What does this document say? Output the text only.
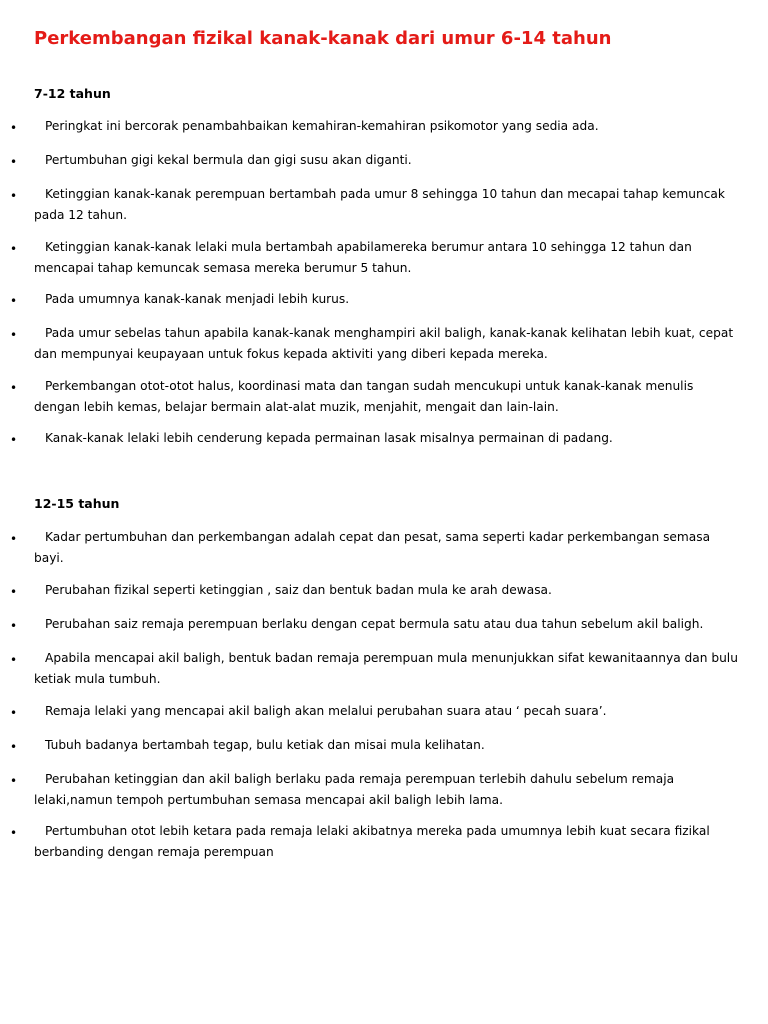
Perkembangan fizikal kanak-kanak dari umur 6-14 tahun
7-12 tahun
•	Peringkat ini bercorak penambahbaikan kemahiran-kemahiran psikomotor yang sedia ada.

•	Pertumbuhan gigi kekal bermula dan gigi susu akan diganti.

•	Ketinggian kanak-kanak perempuan bertambah pada umur 8 sehingga 10 tahun dan mecapai tahap kemuncak pada 12 tahun.

•	Ketinggian kanak-kanak lelaki mula bertambah apabilamereka berumur antara 10 sehingga 12 tahun dan mencapai tahap kemuncak semasa mereka berumur 5 tahun.

•	Pada umumnya kanak-kanak menjadi lebih kurus.

•	Pada umur sebelas tahun apabila kanak-kanak menghampiri akil baligh, kanak-kanak kelihatan lebih kuat, cepat dan mempunyai keupayaan untuk fokus kepada aktiviti yang diberi kepada mereka.

•	Perkembangan otot-otot halus, koordinasi mata dan tangan sudah mencukupi untuk kanak-kanak menulis dengan lebih kemas, belajar bermain alat-alat muzik, menjahit, mengait dan lain-lain.

•	Kanak-kanak lelaki lebih cenderung kepada permainan lasak misalnya permainan di padang.

12-15 tahun
•	Kadar pertumbuhan dan perkembangan adalah cepat dan pesat, sama seperti kadar perkembangan semasa bayi.

•	Perubahan fizikal seperti ketinggian , saiz dan bentuk badan mula ke arah dewasa.

•	Perubahan saiz remaja perempuan berlaku dengan cepat bermula satu atau dua tahun sebelum akil baligh.

•	Apabila mencapai akil baligh, bentuk badan remaja perempuan mula menunjukkan sifat kewanitaannya dan bulu ketiak mula tumbuh.

•	Remaja lelaki yang mencapai akil baligh akan melalui perubahan suara atau ‘ pecah suara’.

•	Tubuh badanya bertambah tegap, bulu ketiak dan misai mula kelihatan.

•	Perubahan ketinggian dan akil baligh berlaku pada remaja perempuan terlebih dahulu sebelum remaja lelaki,namun tempoh pertumbuhan semasa mencapai akil baligh lebih lama.

•	Pertumbuhan otot lebih ketara pada remaja lelaki akibatnya mereka pada umumnya lebih kuat secara fizikal berbanding dengan remaja perempuan
